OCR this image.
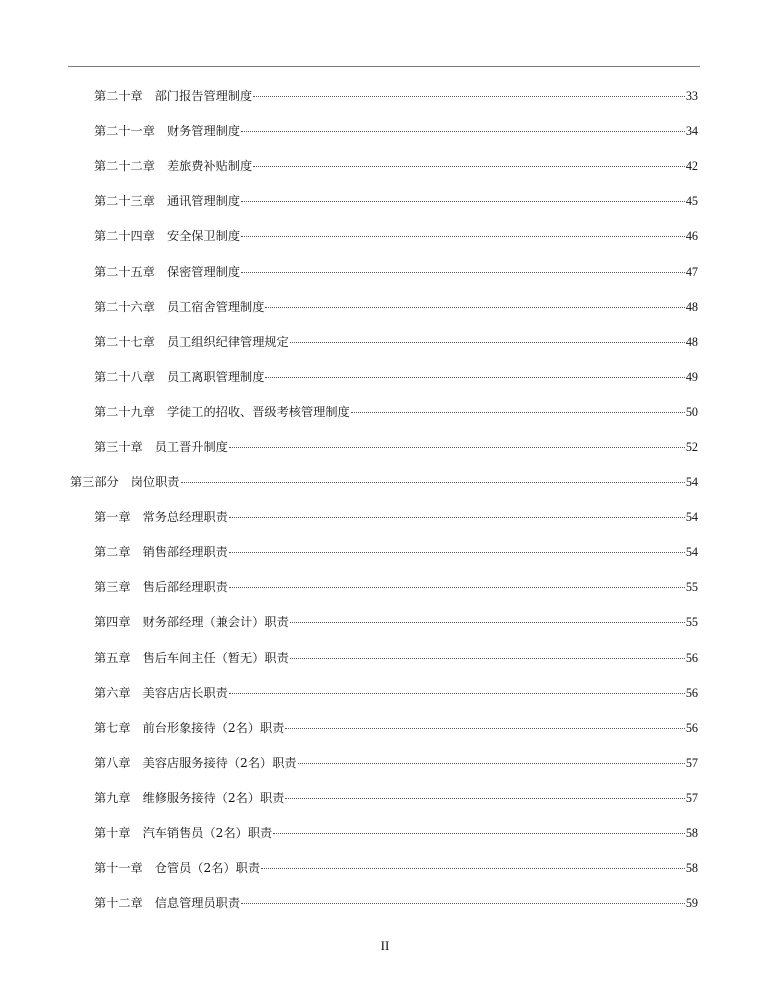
第二十章 部门报告管理制度	33
第二十一章 财务管理制度	34
第二十二章 差旅费补贴制度	42
第二十三章 通讯管理制度	45
第二十四章 安全保卫制度	46
第二十五章 保密管理制度	47
第二十六章 员工宿舍管理制度	48
第二十七章 员工组织纪律管理规定	48
第二十八章 员工离职管理制度	49
第二十九章 学徒工的招收、晋级考核管理制度	50
第三十章 员工晋升制度	52
第三部分 岗位职责	54
第一章 常务总经理职责	54
第二章 销售部经理职责	54
第三章 售后部经理职责	55
第四章 财务部经理（兼会计）职责	55
第五章 售后车间主任（暂无）职责	56
第六章 美容店店长职责	56
第七章 前台形象接待（2名）职责	56
第八章 美容店服务接待（2名）职责	57
第九章 维修服务接待（2名）职责	57
第十章 汽车销售员（2名）职责	58
第十一章 仓管员（2名）职责	58
第十二章 信息管理员职责	59
II
